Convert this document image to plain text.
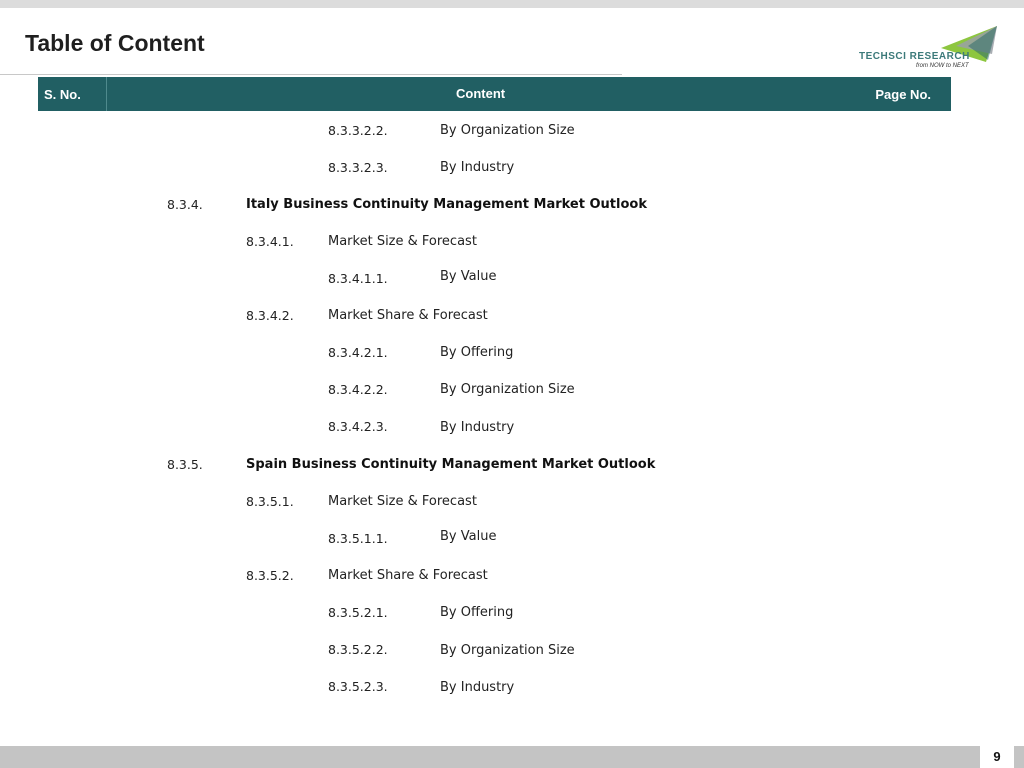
Table of Content
TECHSCI RESEARCH
from NOW to NEXT
S. No.	Content	Page No.
8.3.3.2.2.	By Organization Size
8.3.3.2.3.	By Industry
8.3.4.	Italy Business Continuity Management Market Outlook
8.3.4.1.	Market Size & Forecast
8.3.4.1.1.	By Value
8.3.4.2.	Market Share & Forecast
8.3.4.2.1.	By Offering
8.3.4.2.2.	By Organization Size
8.3.4.2.3.	By Industry
8.3.5.	Spain Business Continuity Management Market Outlook
8.3.5.1.	Market Size & Forecast
8.3.5.1.1.	By Value
8.3.5.2.	Market Share & Forecast
8.3.5.2.1.	By Offering
8.3.5.2.2.	By Organization Size
8.3.5.2.3.	By Industry
9
